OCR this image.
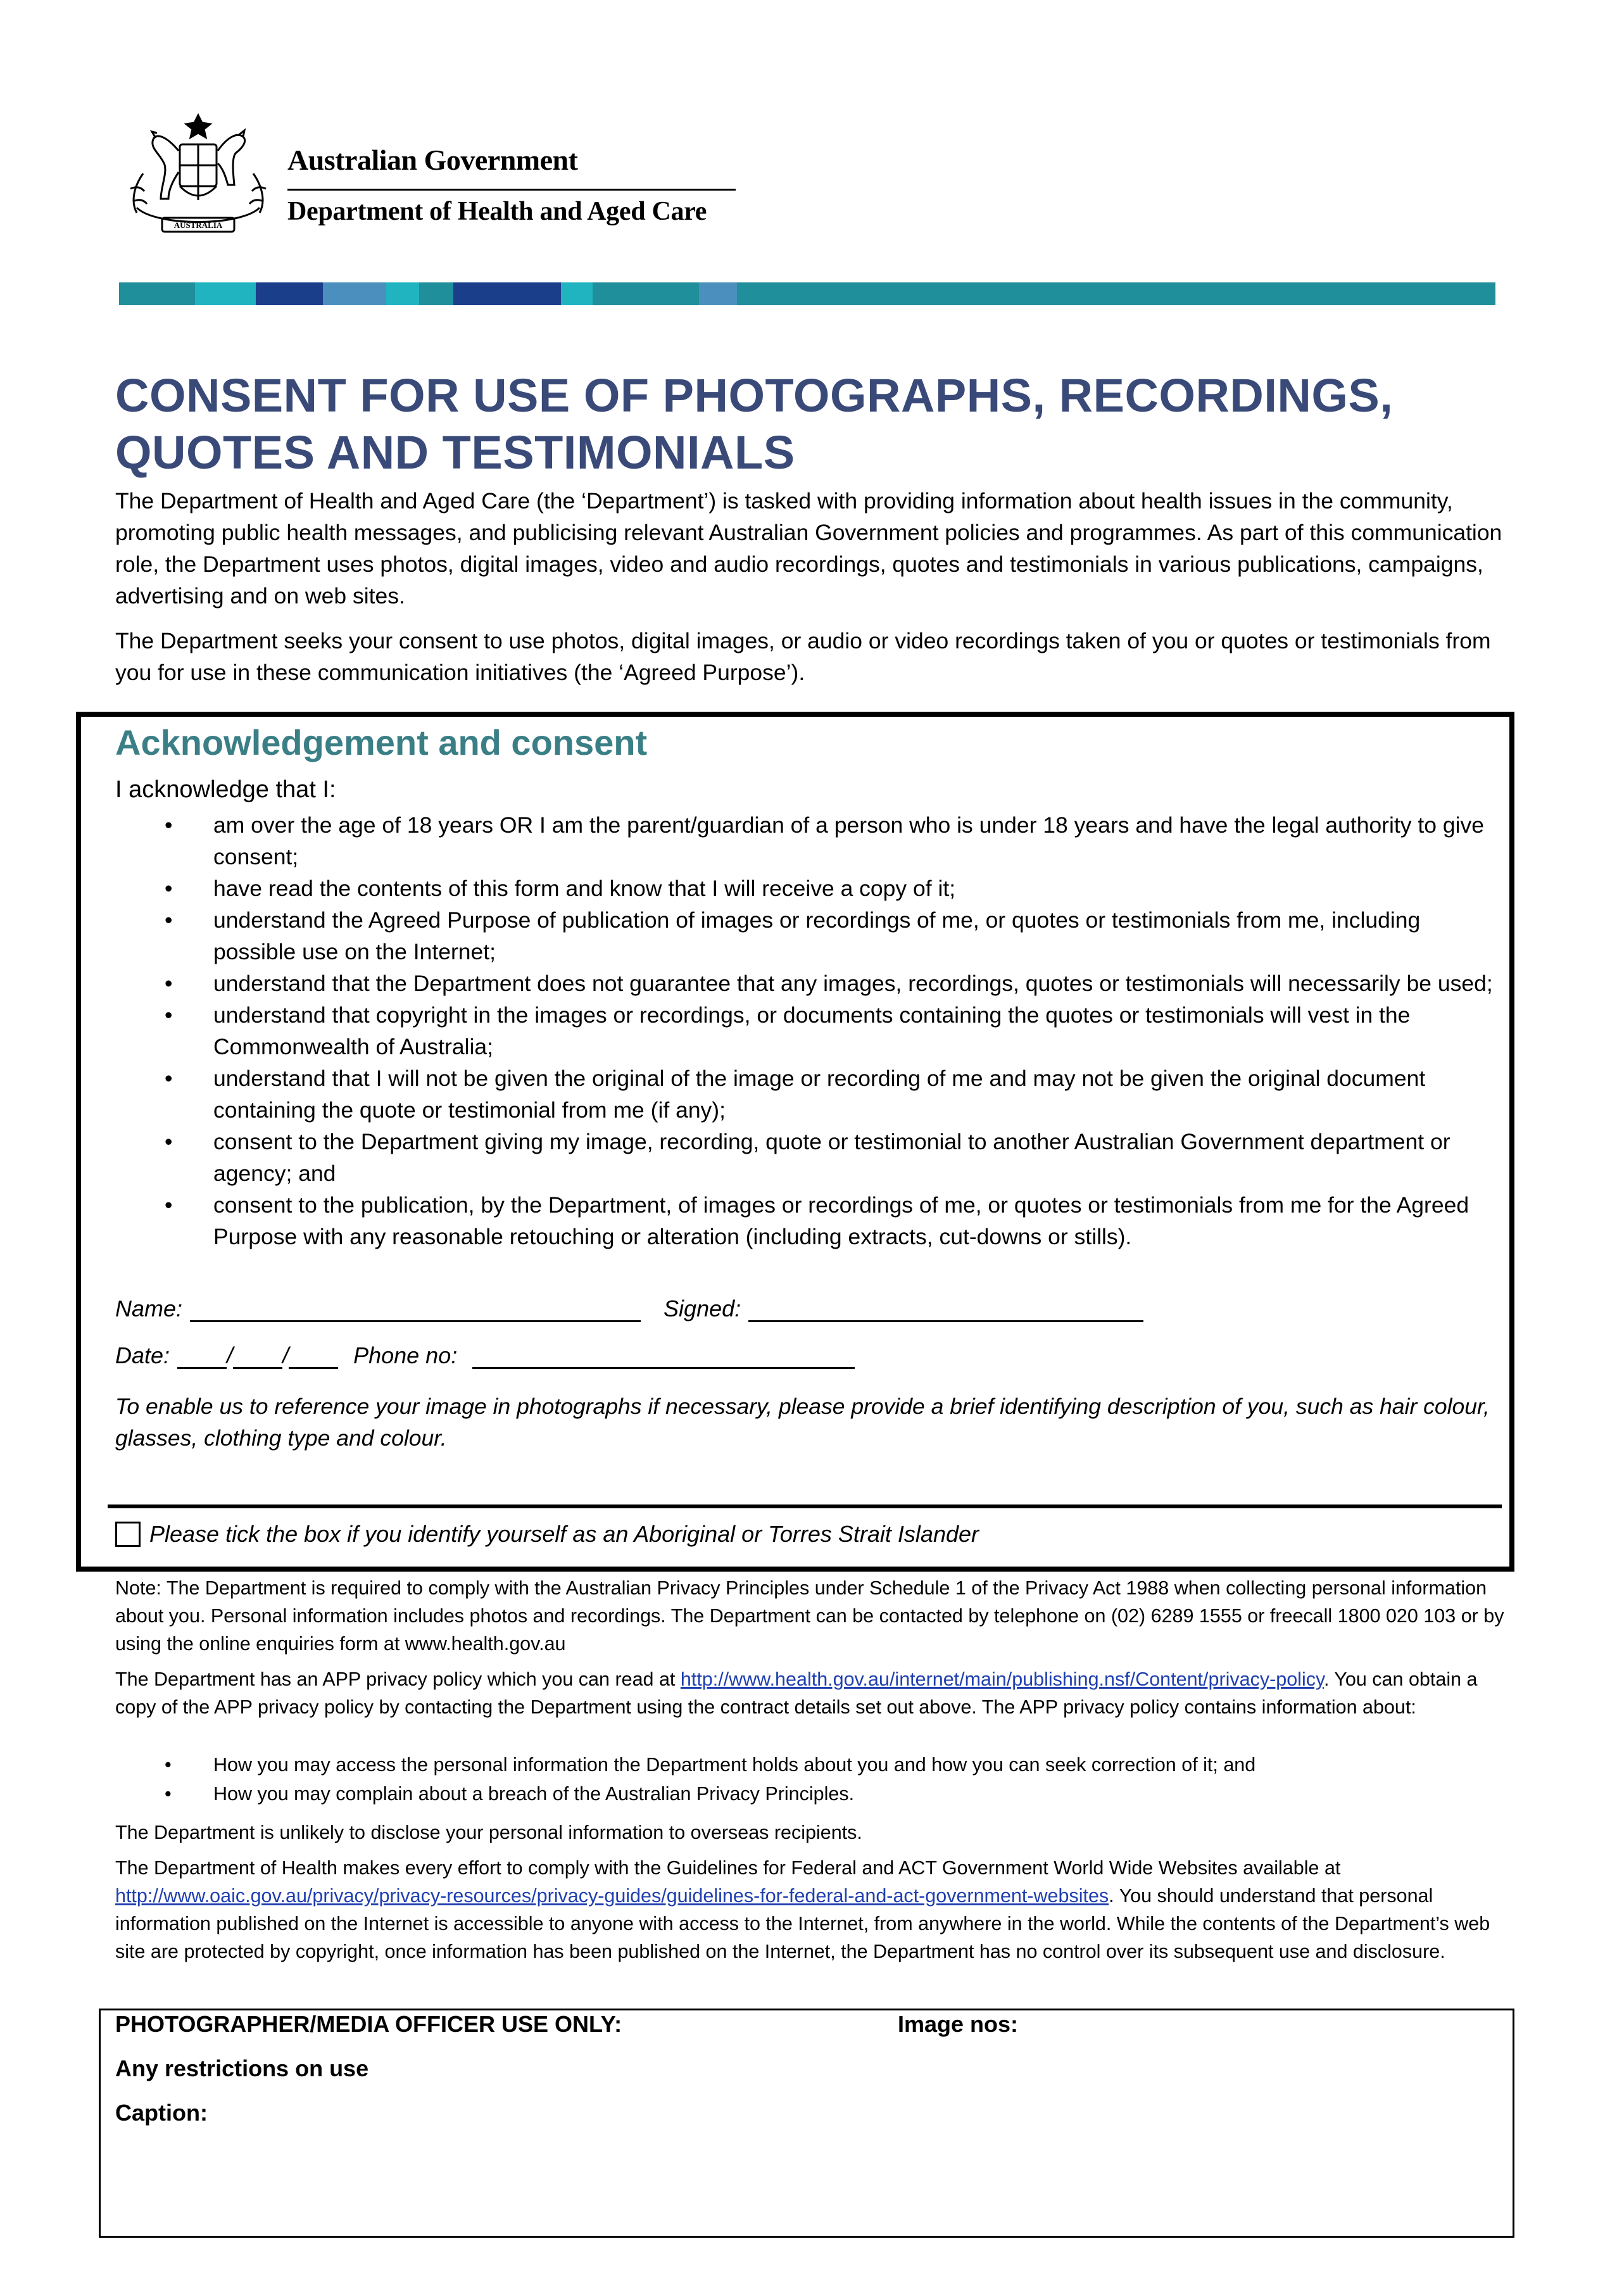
AUSTRALIA
Australian Government
Department of Health and Aged Care
CONSENT FOR USE OF PHOTOGRAPHS, RECORDINGS, QUOTES AND TESTIMONIALS

The Department of Health and Aged Care (the ‘Department’) is tasked with providing information about health issues in the community, promoting public health messages, and publicising relevant Australian Government policies and programmes. As part of this communication role, the Department uses photos, digital images, video and audio recordings, quotes and testimonials in various publications, campaigns, advertising and on web sites.

The Department seeks your consent to use photos, digital images, or audio or video recordings taken of you or quotes or testimonials from you for use in these communication initiatives (the ‘Agreed Purpose’).

Acknowledgement and consent
I acknowledge that I:
• am over the age of 18 years OR I am the parent/guardian of a person who is under 18 years and have the legal authority to give consent;
• have read the contents of this form and know that I will receive a copy of it;
• understand the Agreed Purpose of publication of images or recordings of me, or quotes or testimonials from me, including possible use on the Internet;
• understand that the Department does not guarantee that any images, recordings, quotes or testimonials will necessarily be used;
• understand that copyright in the images or recordings, or documents containing the quotes or testimonials will vest in the Commonwealth of Australia;
• understand that I will not be given the original of the image or recording of me and may not be given the original document containing the quote or testimonial from me (if any);
• consent to the Department giving my image, recording, quote or testimonial to another Australian Government department or agency; and
• consent to the publication, by the Department, of images or recordings of me, or quotes or testimonials from me for the Agreed Purpose with any reasonable retouching or alteration (including extracts, cut-downs or stills).
Name:	Signed:
Date:	/ /	Phone no:

To enable us to reference your image in photographs if necessary, please provide a brief identifying description of you, such as hair colour, glasses, clothing type and colour.

Please tick the box if you identify yourself as an Aboriginal or Torres Strait Islander

Note: The Department is required to comply with the Australian Privacy Principles under Schedule 1 of the Privacy Act 1988 when collecting personal information about you. Personal information includes photos and recordings. The Department can be contacted by telephone on (02) 6289 1555 or freecall 1800 020 103 or by using the online enquiries form at www.health.gov.au

The Department has an APP privacy policy which you can read at http://www.health.gov.au/internet/main/publishing.nsf/Content/privacy-policy. You can obtain a copy of the APP privacy policy by contacting the Department using the contract details set out above. The APP privacy policy contains information about:

• How you may access the personal information the Department holds about you and how you can seek correction of it; and
• How you may complain about a breach of the Australian Privacy Principles.

The Department is unlikely to disclose your personal information to overseas recipients.

The Department of Health makes every effort to comply with the Guidelines for Federal and ACT Government World Wide Websites available at http://www.oaic.gov.au/privacy/privacy-resources/privacy-guides/guidelines-for-federal-and-act-government-websites. You should understand that personal information published on the Internet is accessible to anyone with access to the Internet, from anywhere in the world. While the contents of the Department’s web site are protected by copyright, once information has been published on the Internet, the Department has no control over its subsequent use and disclosure.

PHOTOGRAPHER/MEDIA OFFICER USE ONLY:	Image nos:
Any restrictions on use
Caption:
